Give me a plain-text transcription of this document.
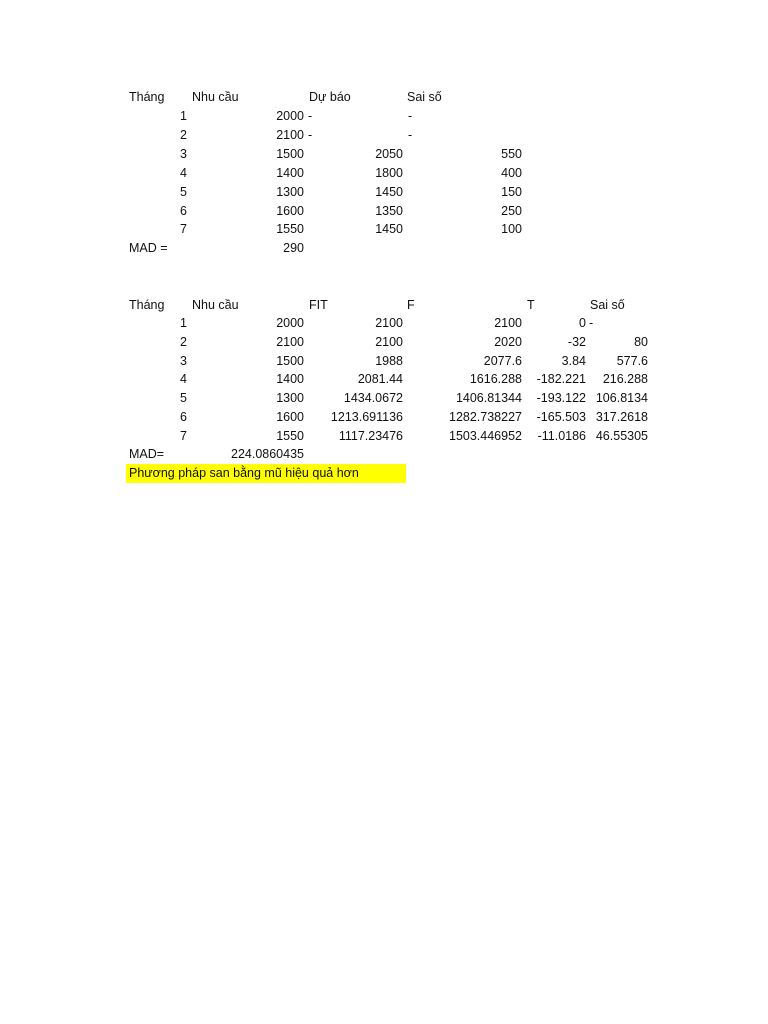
Tháng Nhu cầu	Dự báo	Sai số
1	2000 -	-
2	2100 -	-
3	1500	2050	550
4	1400	1800	400
5	1300	1450	150
6	1600	1350	250
7	1550	1450	100
MAD =	290
Tháng Nhu cầu	FIT	F	T	Sai số
1	2000	2100	2100	0 -
2	2100	2100	2020	-32	80
3	1500	1988	2077.6	3.84	577.6
4	1400	2081.44	1616.288	-182.221	216.288
5	1300	1434.0672	1406.81344	-193.122 106.8134
6	1600	1213.691136	1282.738227	-165.503 317.2618
7	1550	1117.23476	1503.446952	-11.0186 46.55305
MAD=	224.0860435
Phương pháp san bằng mũ hiệu quả hơn
